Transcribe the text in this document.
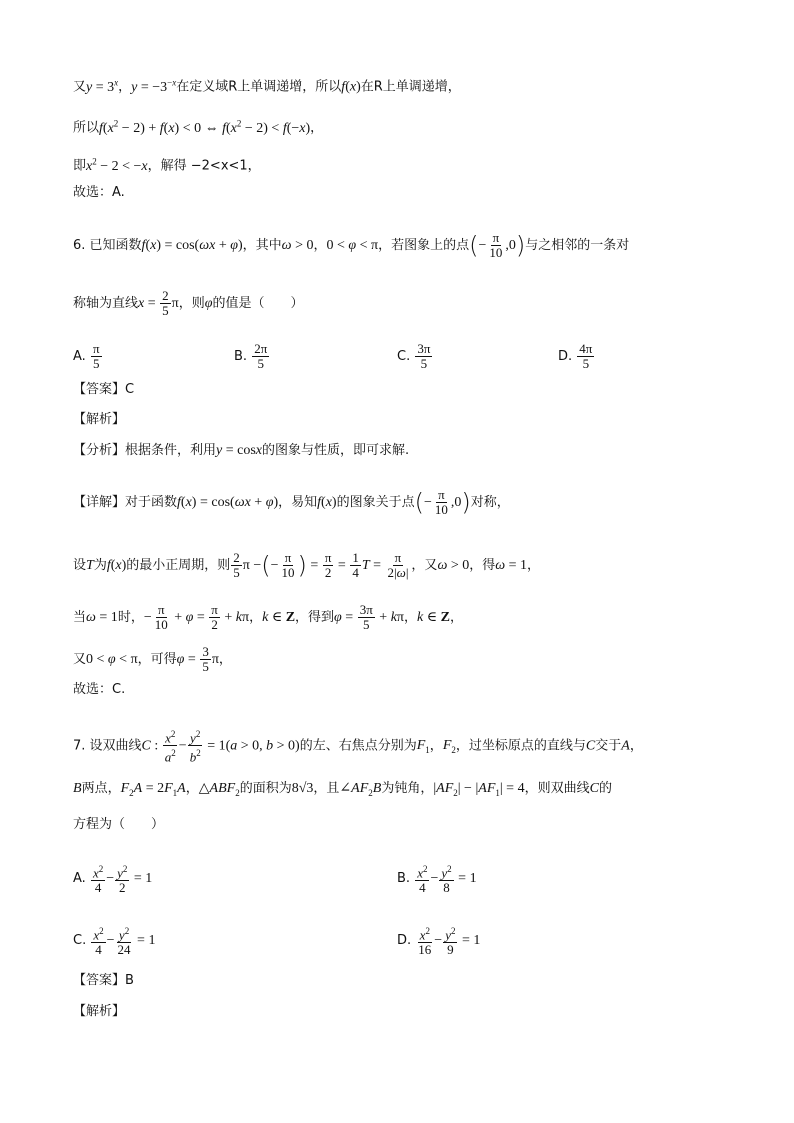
又$y = 3^x$，$y = -3^{-x}$在定义域R上单调递增，所以f(x)在R上单调递增，
所以$f(x^2 - 2) + f(x) < 0$ ⇔ $f(x^2 - 2) < f(-x)$，
即$x^2 - 2 < -x$，解得 −2<x<1，
故选：A.
6. 已知函数f(x) = cos(ωx + φ)，其中ω > 0，0 < φ < π，若图象上的点(− $\frac{\pi}{10} ,0$)与之相邻的一条对
称轴为直线$x = \frac{2}{5}$ π，则φ的值是（　　）
A. $\frac{\pi}{5}$	B. $\frac{2\pi}{5}$	C. $\frac{3\pi}{5}$	D. $\frac{4\pi}{5}$
【答案】C
【解析】
【分析】根据条件，利用y = cosx的图象与性质，即可求解.
【详解】对于函数f(x) = cos(ωx + φ)，易知f(x)的图象关于点(− $\frac{\pi}{10} ,0$)对称，
设T为f(x)的最小正周期，则 $\frac{2}{5}$ π −(− $\frac{\pi}{10}$ ) = $\frac{\pi}{2} = \frac{1}{4}$ $T = \frac{\pi}{2|\omega|}$ ，又ω > 0，得ω = 1，
当ω = 1时，− $\frac{\pi}{10} + \varphi = \frac{\pi}{2} + k\pi$，k ∈ Z，得到$\varphi = \frac{3\pi}{5} + k\pi$，k ∈ Z，
又0 < φ < π，可得$\varphi = \frac{3}{5}$ π，
故选：C.
7. 设双曲线C : $\frac{x^2}{a^2} - \frac{y^2}{b^2} = 1(a > 0$, b > 0)的左、右焦点分别为$F_1$，$F_2$，过坐标原点的直线与C交于A，
B两点，$F_2A = 2F_1A$，$\triangle ABF_2$的面积为8√3，且$\angle AF_2B$为钝角，$|AF_2| - |AF_1| = 4$，则双曲线C的
方程为（　　）
A. $\frac{x^2}{4} - \frac{y^2}{2} = 1$	B. $\frac{x^2}{4} - \frac{y^2}{8} = 1$
C. $\frac{x^2}{4} - \frac{y^2}{24} = 1$	D. $\frac{x^2}{16} - \frac{y^2}{9} = 1$
【答案】B
【解析】
